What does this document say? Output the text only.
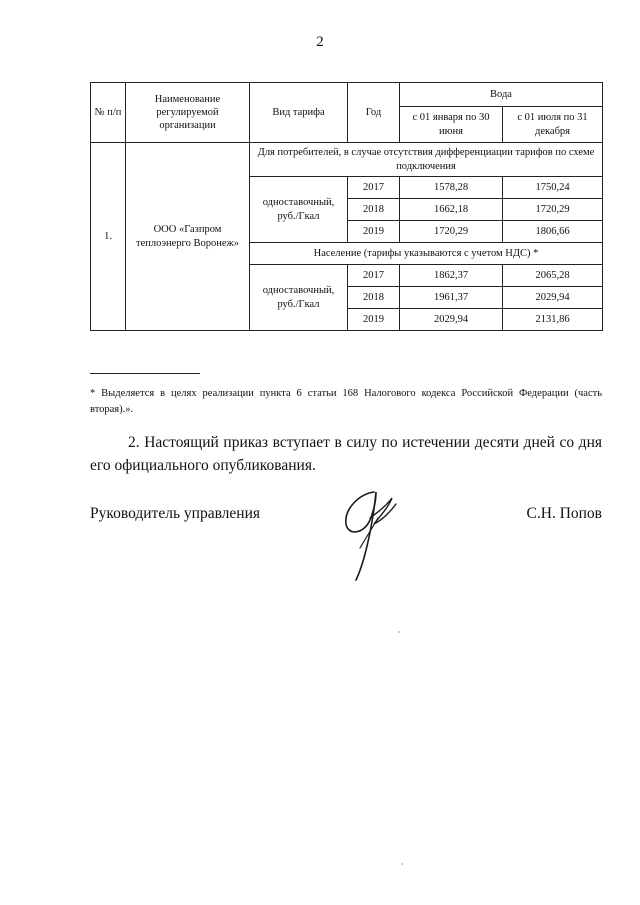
2
№ п/п	Наименование регулируемой организации	Вид тарифа	Год	Вода	
				с 01 января по 30 июня	с 01 июля по 31 декабря
1.	ООО «Газпром теплоэнерго Воронеж»	Для потребителей, в случае отсутствия дифференциации тарифов по схеме подключения			
		одноставочный, руб./Гкал	2017	1578,28	1750,24
			2018	1662,18	1720,29
			2019	1720,29	1806,66
		Население (тарифы указываются с учетом НДС) *			
		одноставочный, руб./Гкал	2017	1862,37	2065,28
			2018	1961,37	2029,94
			2019	2029,94	2131,86
* Выделяется в целях реализации пункта 6 статьи 168 Налогового кодекса Российской Федерации (часть вторая).».
2. Настоящий приказ вступает в силу по истечении десяти дней со дня его официального опубликования.
Руководитель управления	С.Н. Попов
